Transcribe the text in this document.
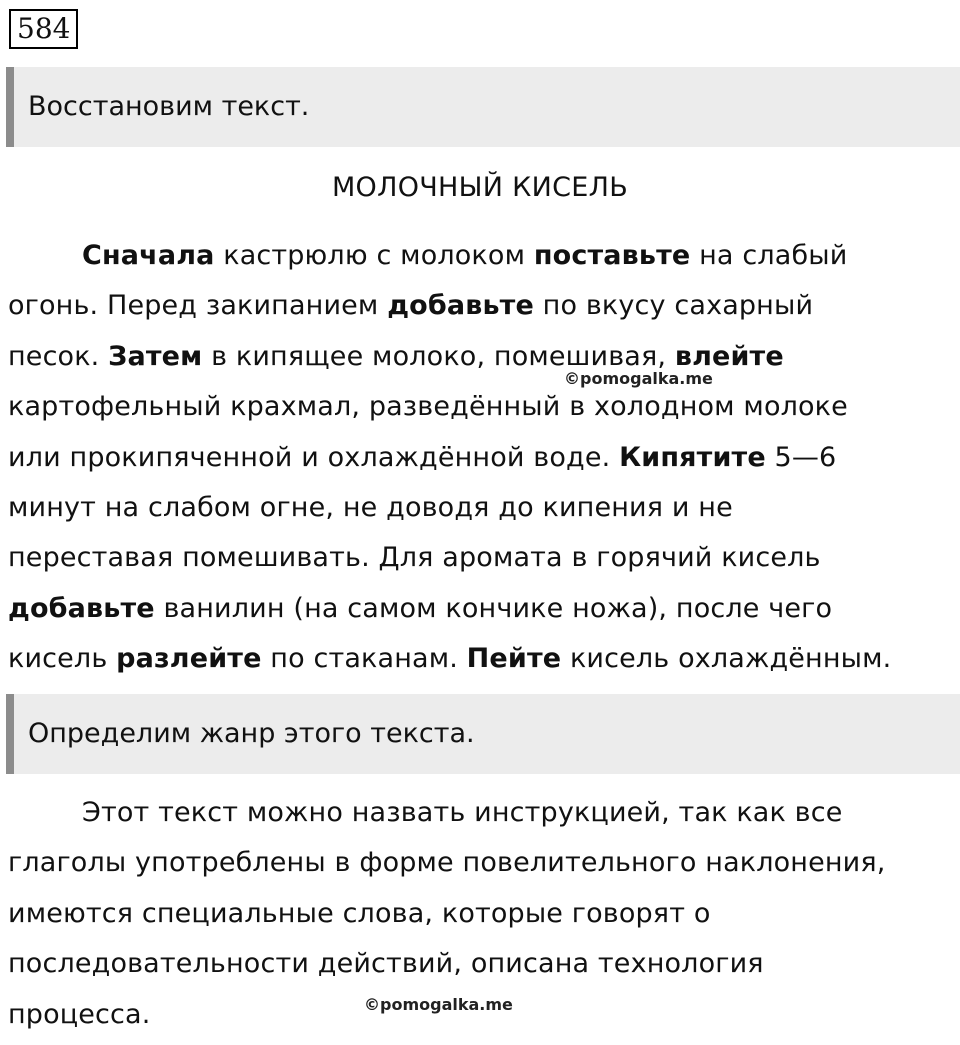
584
Восстановим текст.
МОЛОЧНЫЙ КИСЕЛЬ
Сначала кастрюлю с молоком поставьте на слабый
огонь. Перед закипанием добавьте по вкусу сахарный
песок. Затем в кипящее молоко, помешивая, влейте
картофельный крахмал, разведённый в холодном молоке
или прокипяченной и охлаждённой воде. Кипятите 5—6
минут на слабом огне, не доводя до кипения и не
переставая помешивать. Для аромата в горячий кисель
добавьте ванилин (на самом кончике ножа), после чего
кисель разлейте по стаканам. Пейте кисель охлаждённым.
©pomogalka.me
Определим жанр этого текста.
Этот текст можно назвать инструкцией, так как все
глаголы употреблены в форме повелительного наклонения,
имеются специальные слова, которые говорят о
последовательности действий, описана технология
процесса.	©pomogalka.me
